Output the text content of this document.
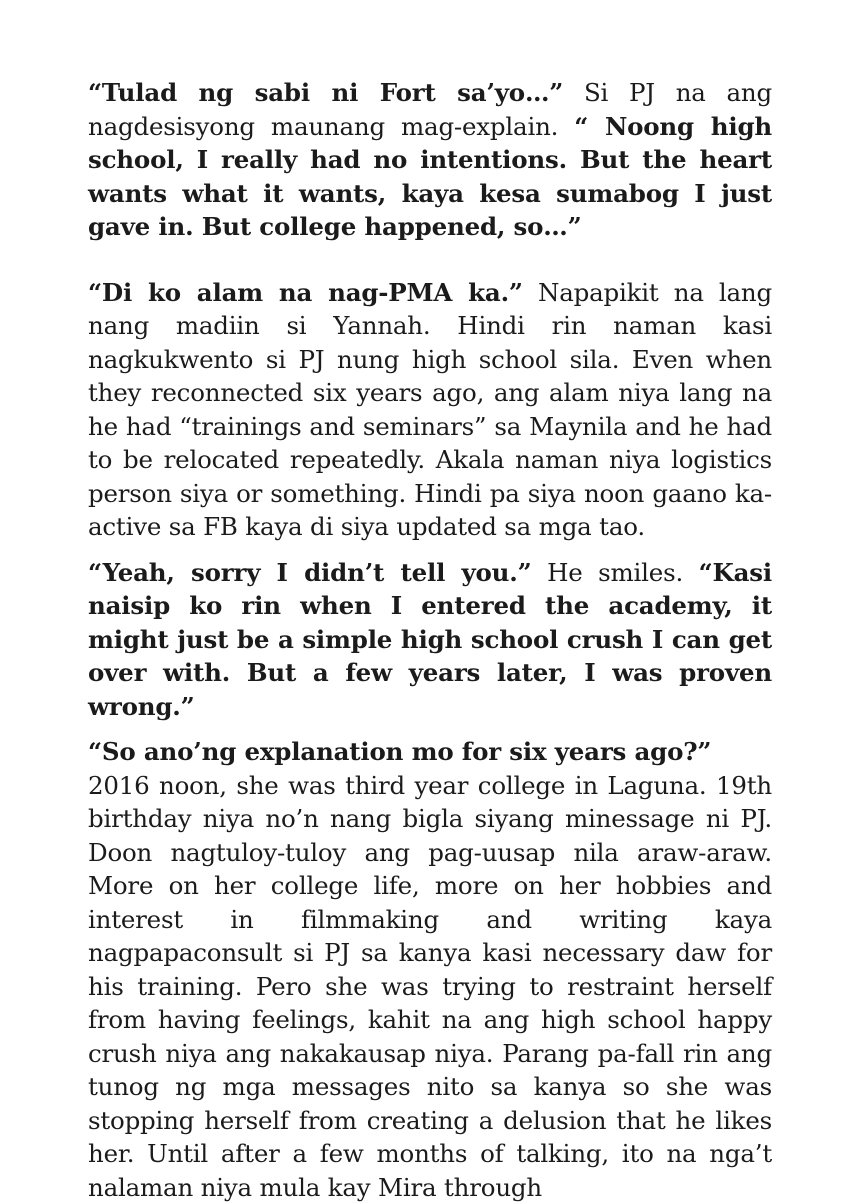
“Tulad ng sabi ni Fort sa’yo…” Si PJ na ang nagdesisyong maunang mag-explain. “ Noong high school, I really had no intentions. But the heart wants what it wants, kaya kesa sumabog I just gave in. But college happened, so…”

“Di ko alam na nag-PMA ka.” Napapikit na lang nang madiin si Yannah. Hindi rin naman kasi nagkukwento si PJ nung high school sila. Even when they reconnected six years ago, ang alam niya lang na he had “trainings and seminars” sa Maynila and he had to be relocated repeatedly. Akala naman niya logistics person siya or something. Hindi pa siya noon gaano ka-active sa FB kaya di siya updated sa mga tao.

“Yeah, sorry I didn’t tell you.” He smiles. “Kasi naisip ko rin when I entered the academy, it might just be a simple high school crush I can get over with. But a few years later, I was proven wrong.”

“So ano’ng explanation mo for six years ago?”

2016 noon, she was third year college in Laguna. 19th birthday niya no’n nang bigla siyang minessage ni PJ. Doon nagtuloy-tuloy ang pag-uusap nila araw-araw. More on her college life, more on her hobbies and interest in filmmaking and writing kaya nagpapaconsult si PJ sa kanya kasi necessary daw for his training. Pero she was trying to restraint herself from having feelings, kahit na ang high school happy crush niya ang nakakausap niya. Parang pa-fall rin ang tunog ng mga messages nito sa kanya so she was stopping herself from creating a delusion that he likes her. Until after a few months of talking, ito na nga’t nalaman niya mula kay Mira through
